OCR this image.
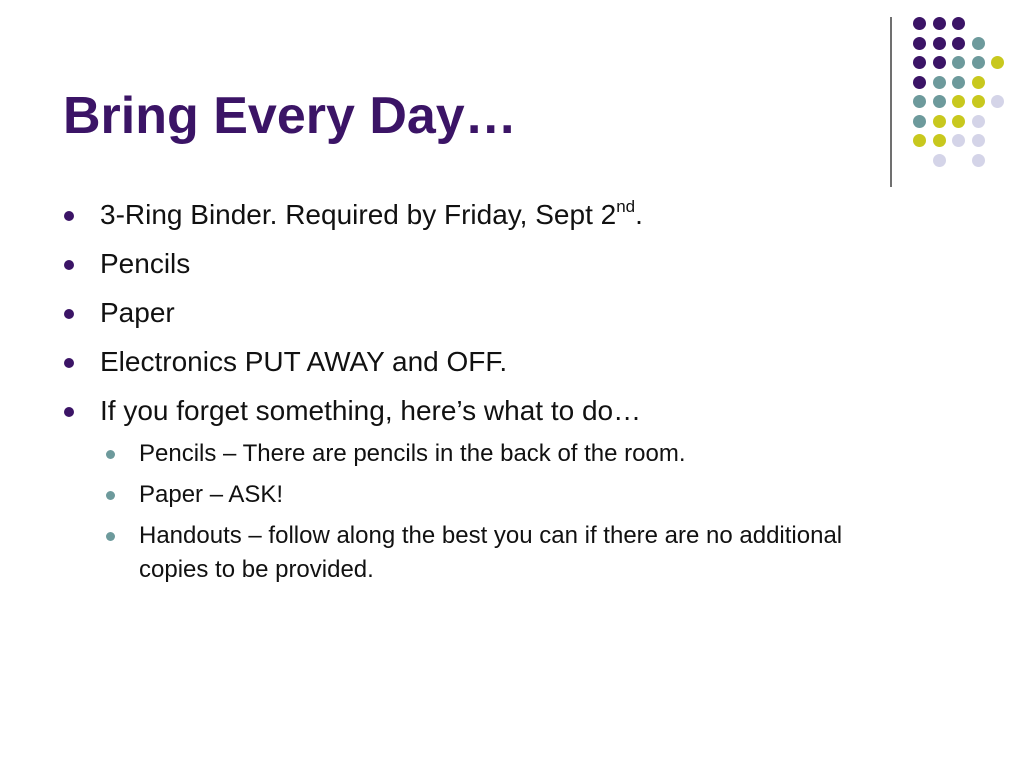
Bring Every Day…
3-Ring Binder. Required by Friday, Sept 2nd.
Pencils
Paper
Electronics PUT AWAY and OFF.
If you forget something, here’s what to do…
Pencils – There are pencils in the back of the room.
Paper – ASK!
Handouts – follow along the best you can if there are no additional copies to be provided.
